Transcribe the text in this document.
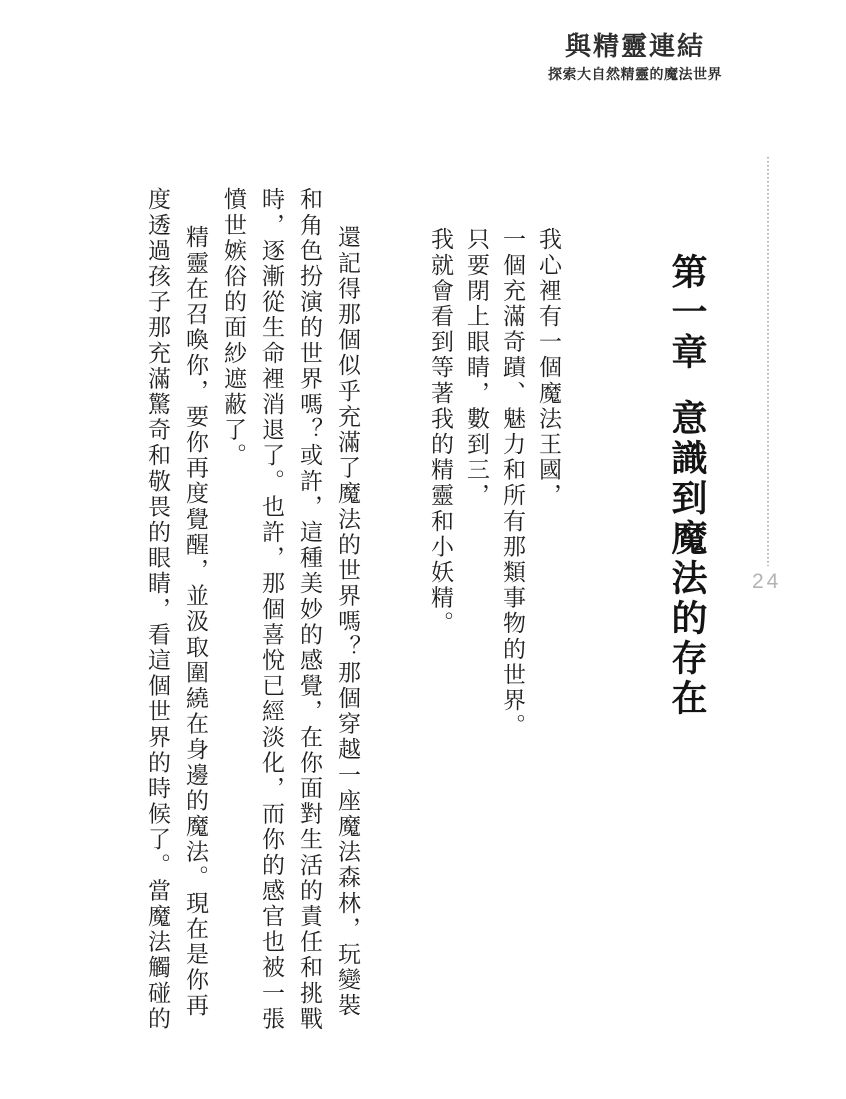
與精靈連結
探索大自然精靈的魔法世界
24
第一章意識到魔法的存在

我心裡有一個魔法王國，

一個充滿奇蹟、魅力和所有那類事物的世界。

只要閉上眼睛，數到三，

我就會看到等著我的精靈和小妖精。

還記得那個似乎充滿了魔法的世界嗎？那個穿越一座魔法森林，玩變裝

和角色扮演的世界嗎？或許，這種美妙的感覺，在你面對生活的責任和挑戰

時，逐漸從生命裡消退了。也許，那個喜悅已經淡化，而你的感官也被一張

憤世嫉俗的面紗遮蔽了。

精靈在召喚你，要你再度覺醒，並汲取圍繞在身邊的魔法。現在是你再

度透過孩子那充滿驚奇和敬畏的眼睛，看這個世界的時候了。當魔法觸碰的
